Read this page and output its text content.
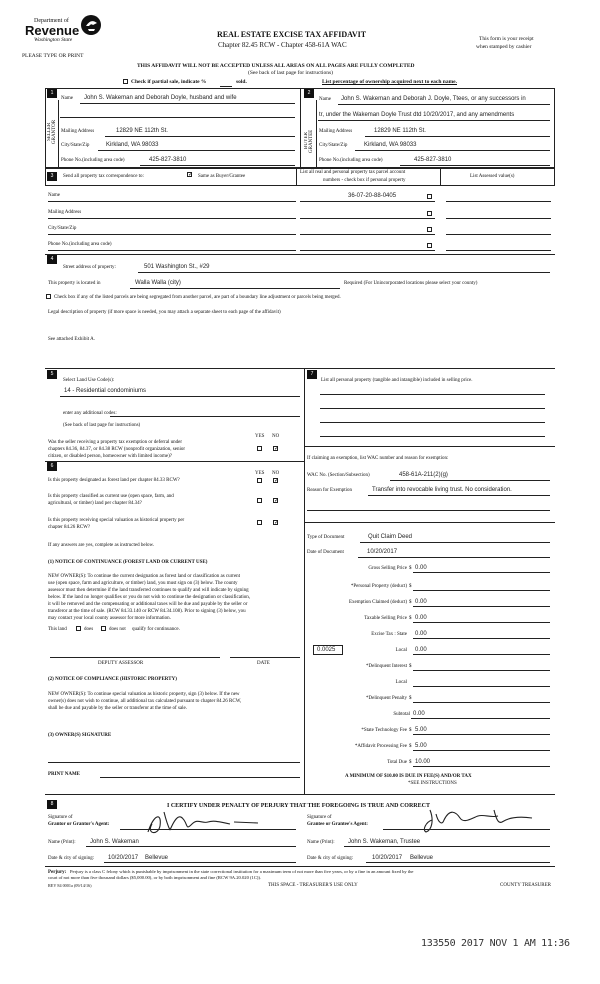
Department of
Revenue
Washington State
PLEASE TYPE OR PRINT
REAL ESTATE EXCISE TAX AFFIDAVIT
Chapter 82.45 RCW - Chapter 458-61A WAC
This form is your receipt
when stamped by cashier
THIS AFFIDAVIT WILL NOT BE ACCEPTED UNLESS ALL AREAS ON ALL PAGES ARE FULLY COMPLETED
(See back of last page for instructions)
Check if partial sale, indicate %	sold.	List percentage of ownership acquired next to each name.
1	2
SELLER GRANTOR	BUYER GRANTEE
Name John S. Wakeman and Deborah Doyle, husband and wife
Mailing Address	12829 NE 112th St.
City/State/Zip	Kirkland, WA 98033
Phone No.(including area code)	425-827-3810
Name John S. Wakeman and Deborah J. Doyle, Ttees, or any successors in
tr, under the Wakeman Doyle Trust dtd 10/20/2017, and any amendments
Mailing Address	12829 NE 112th St.
City/State/Zip	Kirkland, WA 98033
Phone No.(including area code)	425-827-3810
3	Send all property tax correspondence to:
✓	Same as Buyer/Grantee
List all real and personal property tax parcel account
numbers - check box if personal property
List Assessed value(s)
Name	36-07-20-88-0405
Mailing Address
City/State/Zip
Phone No.(including area code)
4
Street address of property:	501 Washington St., #29
This property is located in	Walla Walla (city)	Required (For Unincorporated locations please select your county)
Check box if any of the listed parcels are being segregated from another parcel, are part of a boundary line adjustment or parcels being merged.
Legal description of property (if more space is needed, you may attach a separate sheet to each page of the affidavit)
See attached Exhibit A.
5
Select Land Use Code(s):
14 - Residential condominiums
enter any additional codes:
(See back of last page for instructions)
YES NO
Was the seller receiving a property tax exemption or deferral under
chapters 84.36, 84.37, or 84.38 RCW (nonprofit organization, senior
citizen, or disabled person, homeowner with limited income)?
✓
6
YES NO
Is this property designated as forest land per chapter 84.33 RCW?
✓
Is this property classified as current use (open space, farm, and
agricultural, or timber) land per chapter 84.34?
✓
Is this property receiving special valuation as historical property per
chapter 84.26 RCW?
✓
If any answers are yes, complete as instructed below.
(1) NOTICE OF CONTINUANCE (FOREST LAND OR CURRENT USE)
NEW OWNER(S): To continue the current designation as forest land or classification as current
use (open space, farm and agriculture, or timber) land, you must sign on (3) below. The county
assessor must then determine if the land transferred continues to qualify and will indicate by signing
below. If the land no longer qualifies or you do not wish to continue the designation or classification,
it will be removed and the compensating or additional taxes will be due and payable by the seller or
transferor at the time of sale. (RCW 84.33.140 or RCW 84.34.108). Prior to signing (3) below, you
may contact your local county assessor for more information.
This land	does	does not qualify for continuance.
DEPUTY ASSESSOR	DATE
(2) NOTICE OF COMPLIANCE (HISTORIC PROPERTY)
NEW OWNER(S): To continue special valuation as historic property, sign (3) below. If the new
owner(s) does not wish to continue, all additional tax calculated pursuant to chapter 84.26 RCW,
shall be due and payable by the seller or transferor at the time of sale.
(3) OWNER(S) SIGNATURE
PRINT NAME
7
List all personal property (tangible and intangible) included in selling price.
If claiming an exemption, list WAC number and reason for exemption:
WAC No. (Section/Subsection)	458-61A-211(2)(g)
Reason for Exemption	Transfer into revocable living trust. No consideration.
Type of Document	Quit Claim Deed
Date of Document	10/20/2017
Gross Selling Price $ 0.00
*Personal Property (deduct) $
Exemption Claimed (deduct) $ 0.00
Taxable Selling Price $ 0.00
Excise Tax : State 0.00
0.0025	Local 0.00
*Delinquent Interest $
Local
*Delinquent Penalty $
Subtotal 0.00
*State Technology Fee $ 5.00
*Affidavit Processing Fee $ 5.00
Total Due $ 10.00
A MINIMUM OF $10.00 IS DUE IN FEE(S) AND/OR TAX
*SEE INSTRUCTIONS
8	I CERTIFY UNDER PENALTY OF PERJURY THAT THE FOREGOING IS TRUE AND CORRECT
Signature of
Grantor or Grantor's Agent:
Signature of
Grantee or Grantee's Agent:
Name (Print): John S. Wakeman	Name (Print): John S. Wakeman, Trustee
Date & city of signing: 10/20/2017 Bellevue	Date & city of signing:	10/20/2017 Bellevue
Perjury: Perjury is a class C felony which is punishable by imprisonment in the state correctional institution for a maximum term of not more than five years, or by a fine in an amount fixed by the
court of not more than five thousand dollars ($5,000.00), or by both imprisonment and fine (RCW 9A.20.020 (1C)).
REV 84 0001a (09/14/16)	THIS SPACE - TREASURER'S USE ONLY	COUNTY TREASURER
133550 2017 NOV 1 AM 11:36
